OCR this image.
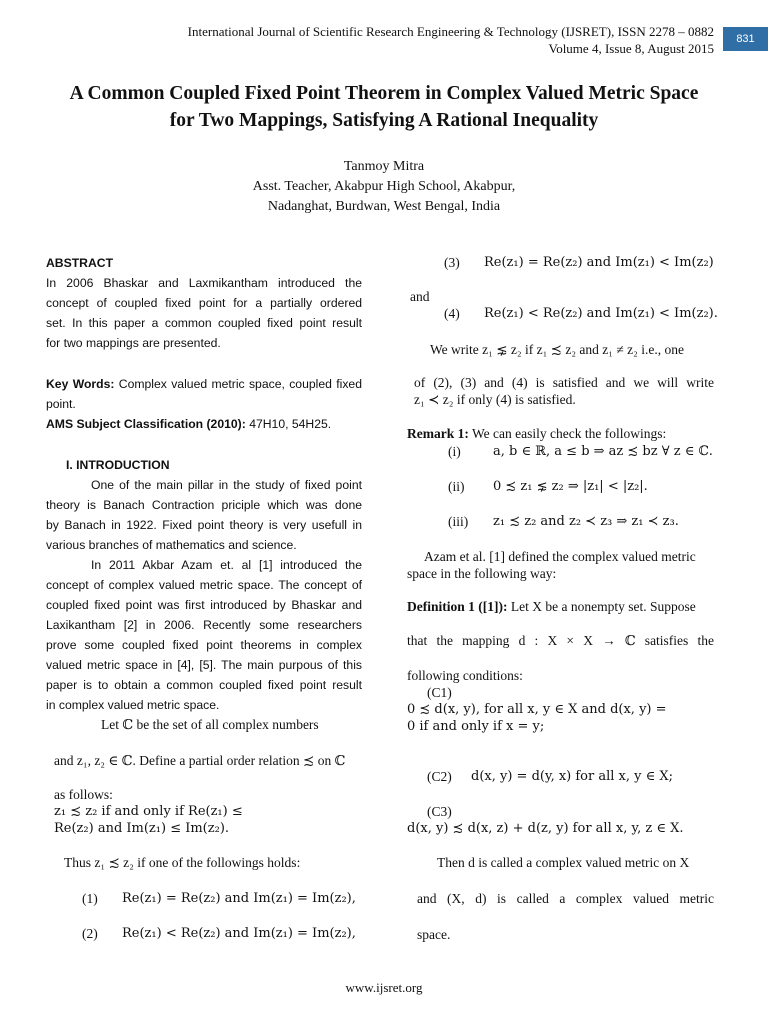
International Journal of Scientific Research Engineering & Technology (IJSRET), ISSN 2278 – 0882
Volume 4, Issue 8, August 2015
831
A Common Coupled Fixed Point Theorem in Complex Valued Metric Space
for Two Mappings, Satisfying A Rational Inequality
Tanmoy Mitra
Asst. Teacher, Akabpur High School, Akabpur,
Nadanghat, Burdwan, West Bengal, India
ABSTRACT
In 2006 Bhaskar and Laxmikantham introduced the
concept of coupled fixed point for a partially ordered
set. In this paper a common coupled fixed point result
for two mappings are presented.
Key Words: Complex valued metric space, coupled fixed
point.
AMS Subject Classification (2010): 47H10, 54H25.
I. INTRODUCTION
One of the main pillar in the study of fixed point
theory is Banach Contraction priciple which was done
by Banach in 1922. Fixed point theory is very usefull in
various branches of mathematics and science.
In 2011 Akbar Azam et. al [1] introduced the
concept of complex valued metric space. The concept of
coupled fixed point was first introduced by Bhaskar and
Laxikantham [2] in 2006. Recently some researchers
prove some coupled fixed point theorems in complex
valued metric space in [4], [5]. The main purpous of this
paper is to obtain a common coupled fixed point result
in complex valued metric space.
Let ℂ be the set of all complex numbers
and z₁, z₂ ∈ ℂ. Define a partial order relation ≾ on ℂ
as follows:
z₁ ≾ z₂ if and only if Re(z₁) ≤
Re(z₂) and Im(z₁) ≤ Im(z₂).
Thus z₁ ≾ z₂ if one of the followings holds:
(1) Re(z₁) = Re(z₂) and Im(z₁) = Im(z₂),
(2) Re(z₁) < Re(z₂) and Im(z₁) = Im(z₂),
(3) Re(z₁) = Re(z₂) and Im(z₁) < Im(z₂)
and
(4) Re(z₁) < Re(z₂) and Im(z₁) < Im(z₂).
We write z₁ ⋦ z₂ if z₁ ≾ z₂ and z₁ ≠ z₂ i.e., one
of (2), (3) and (4) is satisfied and we will write
z₁ ≺ z₂ if only (4) is satisfied.
Remark 1: We can easily check the followings:
(i) a, b ∈ ℝ, a ≤ b ⇒ az ≾ bz ∀ z ∈ ℂ.
(ii) 0 ≾ z₁ ⋦ z₂ ⇒ |z₁| < |z₂|.
(iii) z₁ ≾ z₂ and z₂ ≺ z₃ ⇒ z₁ ≺ z₃.
Azam et al. [1] defined the complex valued metric
space in the following way:
Definition 1 ([1]): Let X be a nonempty set. Suppose
that the mapping d : X × X → ℂ satisfies the
following conditions:
(C1)
0 ≾ d(x, y), for all x, y ∈ X and d(x, y) =
0 if and only if x = y;
(C2) d(x, y) = d(y, x) for all x, y ∈ X;
(C3)
d(x, y) ≾ d(x, z) + d(z, y) for all x, y, z ∈ X.
Then d is called a complex valued metric on X
and (X, d) is called a complex valued metric
space.
www.ijsret.org
